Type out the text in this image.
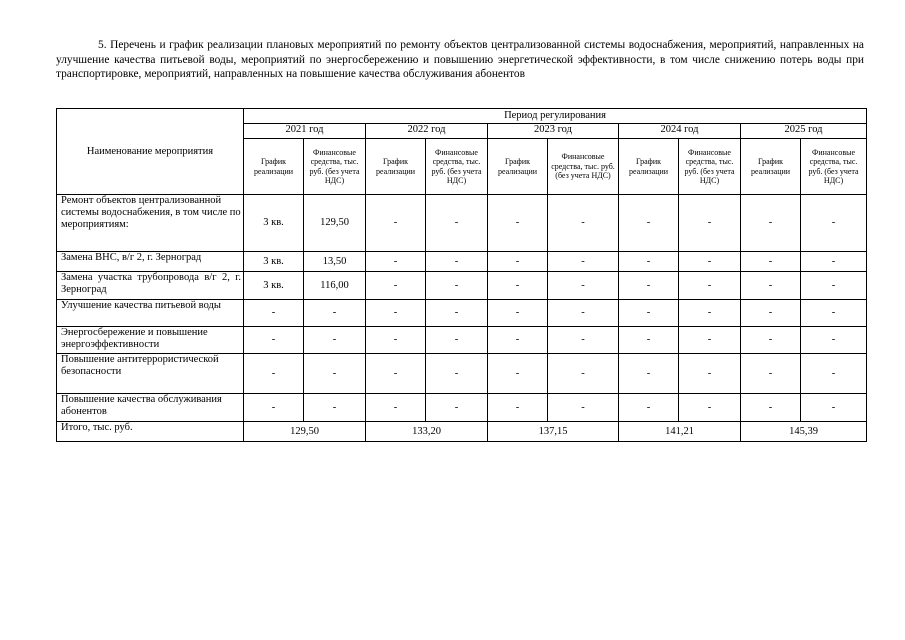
5. Перечень и график реализации плановых мероприятий по ремонту объектов централизованной системы водоснабжения, мероприятий, направленных на улучшение качества питьевой воды, мероприятий по энергосбережению и повышению энергетической эффективности, в том числе снижению потерь воды при транспортировке, мероприятий, направленных на повышение качества обслуживания абонентов
Наименование мероприятия	Период регулирования									
	2021 год		2022 год		2023 год		2024 год		2025 год	
	График реализации	Финансовые средства, тыс. руб. (без учета НДС)	График реализации	Финансовые средства, тыс. руб. (без учета НДС)	График реализации	Финансовые средства, тыс. руб. (без учета НДС)	График реализации	Финансовые средства, тыс. руб. (без учета НДС)	График реализации	Финансовые средства, тыс. руб. (без учета НДС)
Ремонт объектов централизованной системы водоснабжения, в том числе по мероприятиям:	3 кв.	129,50	-	-	-	-	-	-	-	-
Замена ВНС, в/г 2, г. Зерноград	3 кв.	13,50	-	-	-	-	-	-	-	-
Замена участка трубопровода в/г 2, г. Зерноград	3 кв.	116,00	-	-	-	-	-	-	-	-
Улучшение качества питьевой воды	-	-	-	-	-	-	-	-	-	-
Энергосбережение и повышение энергоэффективности	-	-	-	-	-	-	-	-	-	-
Повышение антитеррористической безопасности	-	-	-	-	-	-	-	-	-	-
Повышение качества обслуживания абонентов	-	-	-	-	-	-	-	-	-	-
Итого, тыс. руб.	129,50		133,20		137,15		141,21		145,39	
